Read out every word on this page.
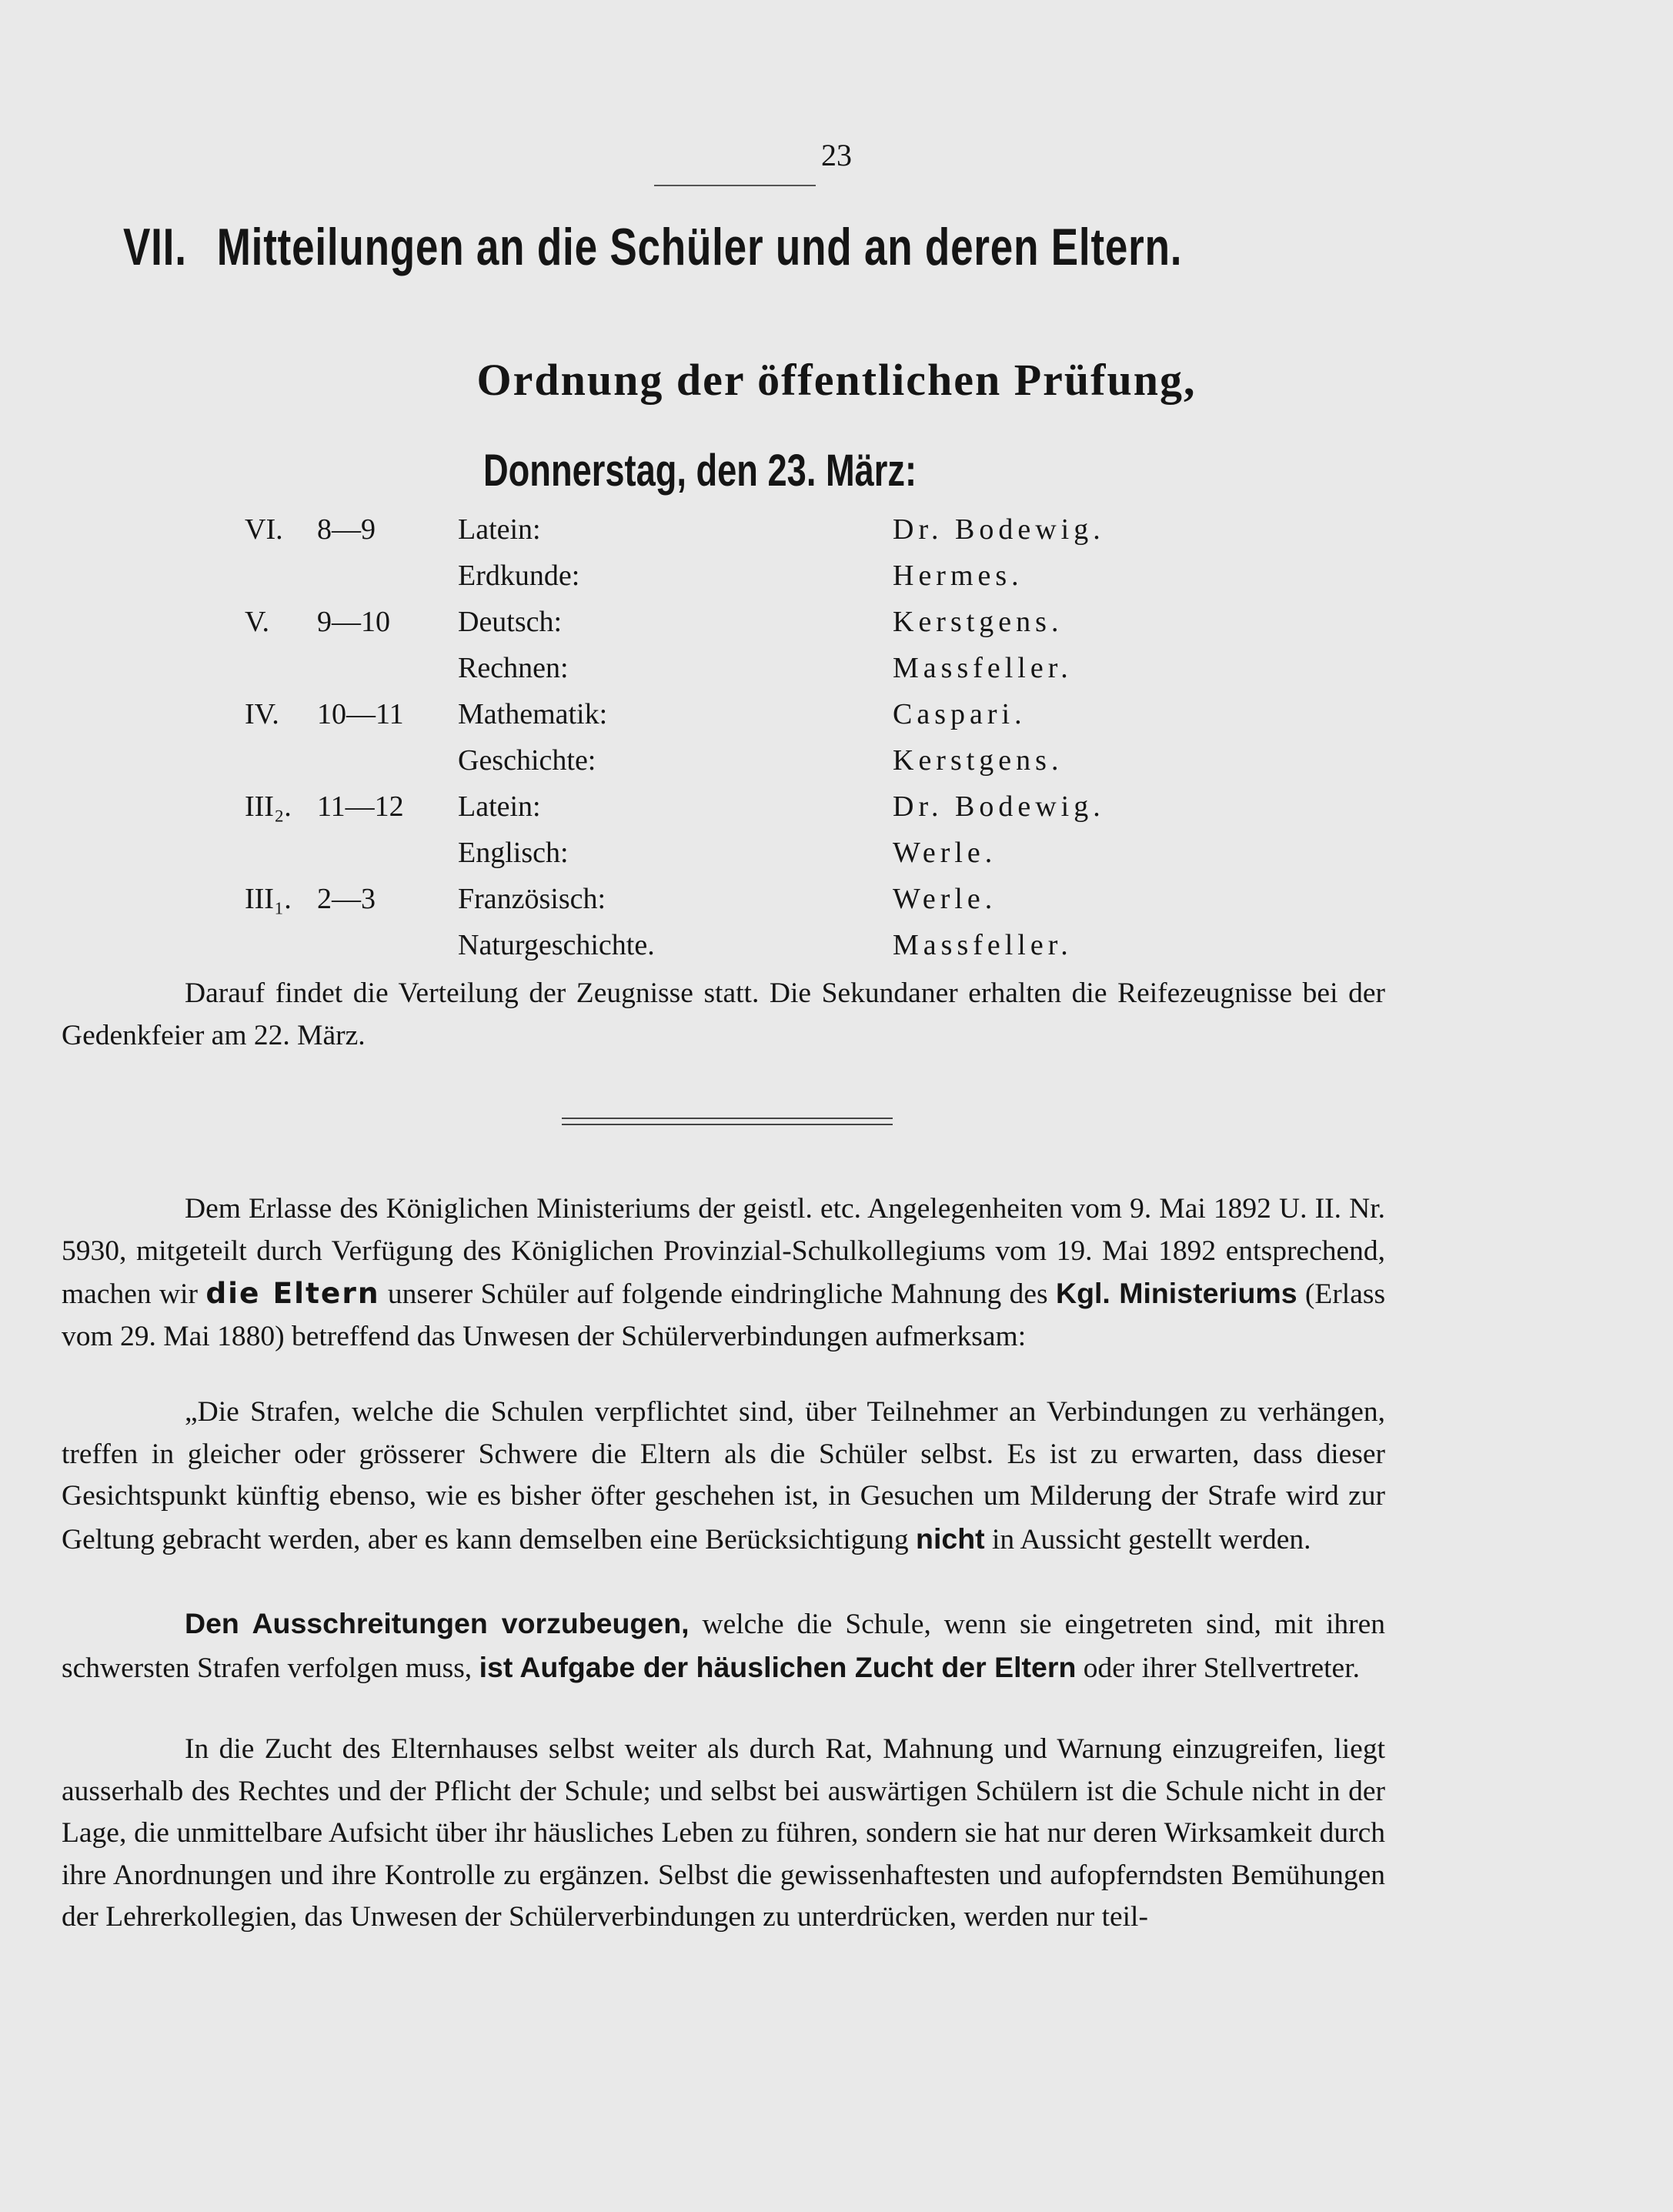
23
VII. Mitteilungen an die Schüler und an deren Eltern.
Ordnung der öffentlichen Prüfung,
Donnerstag, den 23. März:
VI. 8—9	Latein:	Dr. Bodewig.
Erdkunde:	Hermes.
V. 9—10 Deutsch:	Kerstgens.
Rechnen:	Massfeller.
IV. 10—11 Mathematik:	Caspari.
Geschichte:	Kerstgens.
III₂. 11—12 Latein:	Dr. Bodewig.
Englisch:	Werle.
III₁. 2—3	Französisch:	Werle.
Naturgeschichte.	Massfeller.

Darauf findet die Verteilung der Zeugnisse statt. Die Sekundaner erhalten die Reifezeugnisse bei der Gedenkfeier am 22. März.

Dem Erlasse des Königlichen Ministeriums der geistl. etc. Angelegenheiten vom 9. Mai 1892 U. II. Nr. 5930, mitgeteilt durch Verfügung des Königlichen Provinzial-Schulkollegiums vom 19. Mai 1892 entsprechend, machen wir die Eltern unserer Schüler auf folgende eindringliche Mahnung des Kgl. Ministeriums (Erlass vom 29. Mai 1880) betreffend das Unwesen der Schülerverbindungen aufmerksam:

„Die Strafen, welche die Schulen verpflichtet sind, über Teilnehmer an Verbindungen zu verhängen, treffen in gleicher oder grösserer Schwere die Eltern als die Schüler selbst. Es ist zu erwarten, dass dieser Gesichtspunkt künftig ebenso, wie es bisher öfter geschehen ist, in Gesuchen um Milderung der Strafe wird zur Geltung gebracht werden, aber es kann demselben eine Berücksichtigung nicht in Aussicht gestellt werden.

Den Ausschreitungen vorzubeugen, welche die Schule, wenn sie eingetreten sind, mit ihren schwersten Strafen verfolgen muss, ist Aufgabe der häuslichen Zucht der Eltern oder ihrer Stellvertreter.

In die Zucht des Elternhauses selbst weiter als durch Rat, Mahnung und Warnung einzugreifen, liegt ausserhalb des Rechtes und der Pflicht der Schule; und selbst bei auswärtigen Schülern ist die Schule nicht in der Lage, die unmittelbare Aufsicht über ihr häusliches Leben zu führen, sondern sie hat nur deren Wirksamkeit durch ihre Anordnungen und ihre Kontrolle zu ergänzen. Selbst die gewissenhaftesten und aufopferndsten Bemühungen der Lehrerkollegien, das Unwesen der Schülerverbindungen zu unterdrücken, werden nur teil-
